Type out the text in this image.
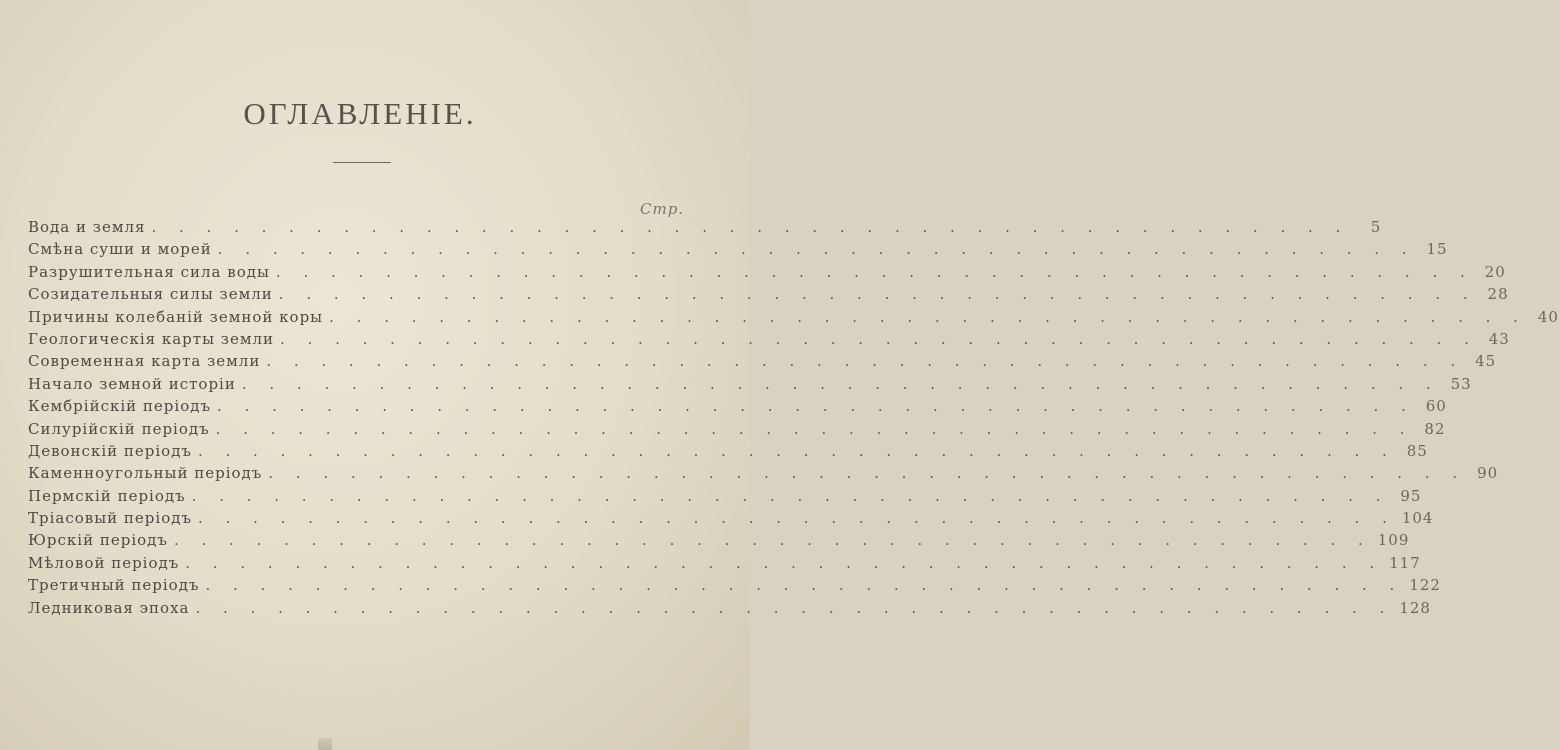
ОГЛАВЛЕНІЕ.
Стр.
Вода и земля . . . . . . . . . . . . . . . . . . . . . . . . . . . . . . . . . . . . . . . . . . . .	5
Смѣна суши и морей . . . . . . . . . . . . . . . . . . . . . . . . . . . . . . . . . . . . . . . . . . . . 15
Разрушительная сила воды . . . . . . . . . . . . . . . . . . . . . . . . . . . . . . . . . . . . . . . . . . . . 20
Созидательныя силы земли . . . . . . . . . . . . . . . . . . . . . . . . . . . . . . . . . . . . . . . . . . . . 28
Причины колебаній земной коры . . . . . . . . . . . . . . . . . . . . . . . . . . . . . . . . . . . . . . . . . . . . 40
Геологическія карты земли . . . . . . . . . . . . . . . . . . . . . . . . . . . . . . . . . . . . . . . . . . . . 43
Современная карта земли . . . . . . . . . . . . . . . . . . . . . . . . . . . . . . . . . . . . . . . . . . . . 45
Начало земной исторіи . . . . . . . . . . . . . . . . . . . . . . . . . . . . . . . . . . . . . . . . . . . . 53
Кембрійскій періодъ . . . . . . . . . . . . . . . . . . . . . . . . . . . . . . . . . . . . . . . . . . . . 60
Силурійскій періодъ . . . . . . . . . . . . . . . . . . . . . . . . . . . . . . . . . . . . . . . . . . . . 82
Девонскій періодъ . . . . . . . . . . . . . . . . . . . . . . . . . . . . . . . . . . . . . . . . . . . . 85
Каменноугольный періодъ . . . . . . . . . . . . . . . . . . . . . . . . . . . . . . . . . . . . . . . . . . . . 90
Пермскій періодъ . . . . . . . . . . . . . . . . . . . . . . . . . . . . . . . . . . . . . . . . . . . . 95
Тріасовый періодъ . . . . . . . . . . . . . . . . . . . . . . . . . . . . . . . . . . . . . . . . . . . . 104
Юрскій періодъ . . . . . . . . . . . . . . . . . . . . . . . . . . . . . . . . . . . . . . . . . . . . 109
Мѣловой періодъ . . . . . . . . . . . . . . . . . . . . . . . . . . . . . . . . . . . . . . . . . . . . 117
Третичный періодъ . . . . . . . . . . . . . . . . . . . . . . . . . . . . . . . . . . . . . . . . . . . . 122
Ледниковая эпоха . . . . . . . . . . . . . . . . . . . . . . . . . . . . . . . . . . . . . . . . . . . . 128
